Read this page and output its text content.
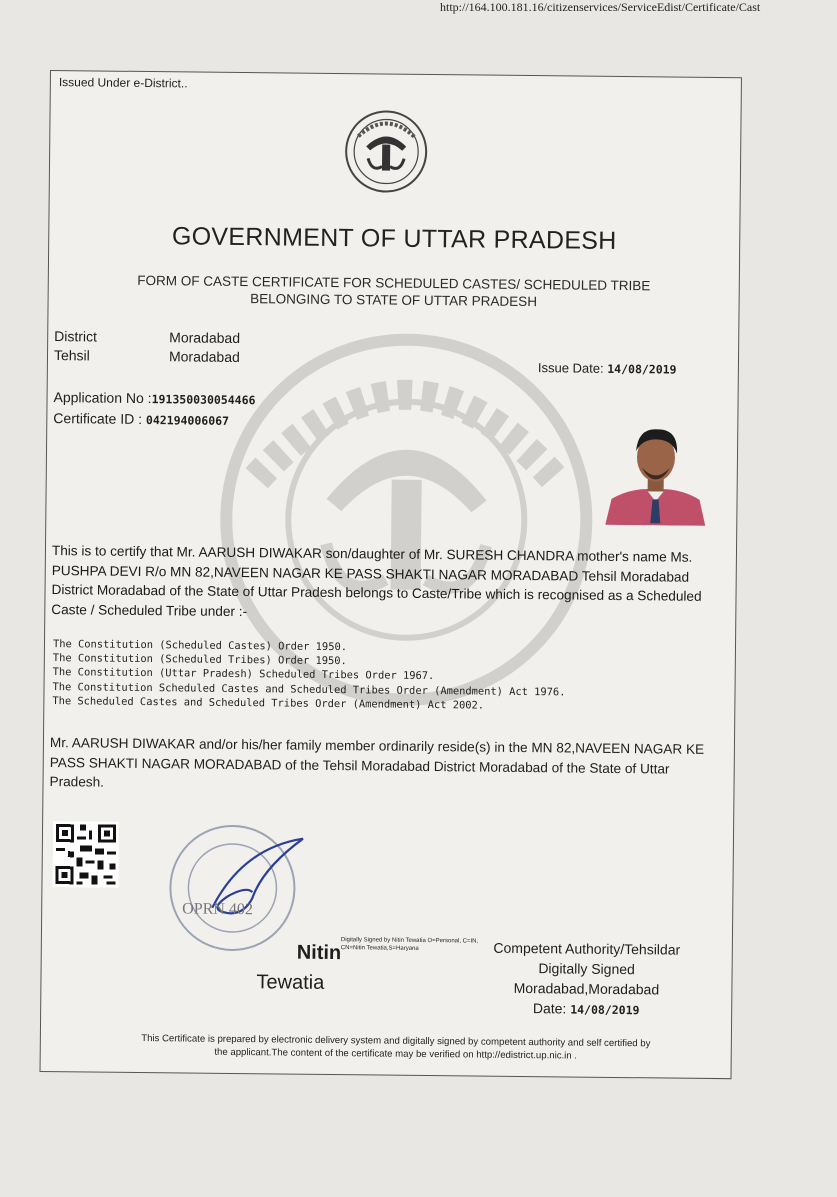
http://164.100.181.16/citizenservices/ServiceEdist/Certificate/Cast
Issued Under e-District..
GOVERNMENT OF UTTAR PRADESH
FORM OF CASTE CERTIFICATE FOR SCHEDULED CASTES/ SCHEDULED TRIBE
BELONGING TO STATE OF UTTAR PRADESH
District	Moradabad
Tehsil	Moradabad
Issue Date: 14/08/2019
Application No :191350030054466
Certificate ID : 042194006067
This is to certify that Mr. AARUSH DIWAKAR son/daughter of Mr. SURESH CHANDRA mother's name Ms. PUSHPA DEVI R/o MN 82,NAVEEN NAGAR KE PASS SHAKTI NAGAR MORADABAD Tehsil Moradabad District Moradabad of the State of Uttar Pradesh belongs to Caste/Tribe which is recognised as a Scheduled Caste / Scheduled Tribe under :-
The Constitution (Scheduled Castes) Order 1950.
The Constitution (Scheduled Tribes) Order 1950.
The Constitution (Uttar Pradesh) Scheduled Tribes Order 1967.
The Constitution Scheduled Castes and Scheduled Tribes Order (Amendment) Act 1976.
The Scheduled Castes and Scheduled Tribes Order (Amendment) Act 2002.
Mr. AARUSH DIWAKAR and/or his/her family member ordinarily reside(s) in the MN 82,NAVEEN NAGAR KE PASS SHAKTI NAGAR MORADABAD of the Tehsil Moradabad District Moradabad of the State of Uttar Pradesh.
OPRN 402
Nitin
Digitally Signed by Nitin Tewatia O=Personal, C=IN, CN=Nitin Tewatia,S=Haryana
Tewatia
Competent Authority/Tehsildar
Digitally Signed
Moradabad,Moradabad
Date: 14/08/2019
This Certificate is prepared by electronic delivery system and digitally signed by competent authority and self certified by
the applicant.The content of the certificate may be verified on http://edistrict.up.nic.in .
